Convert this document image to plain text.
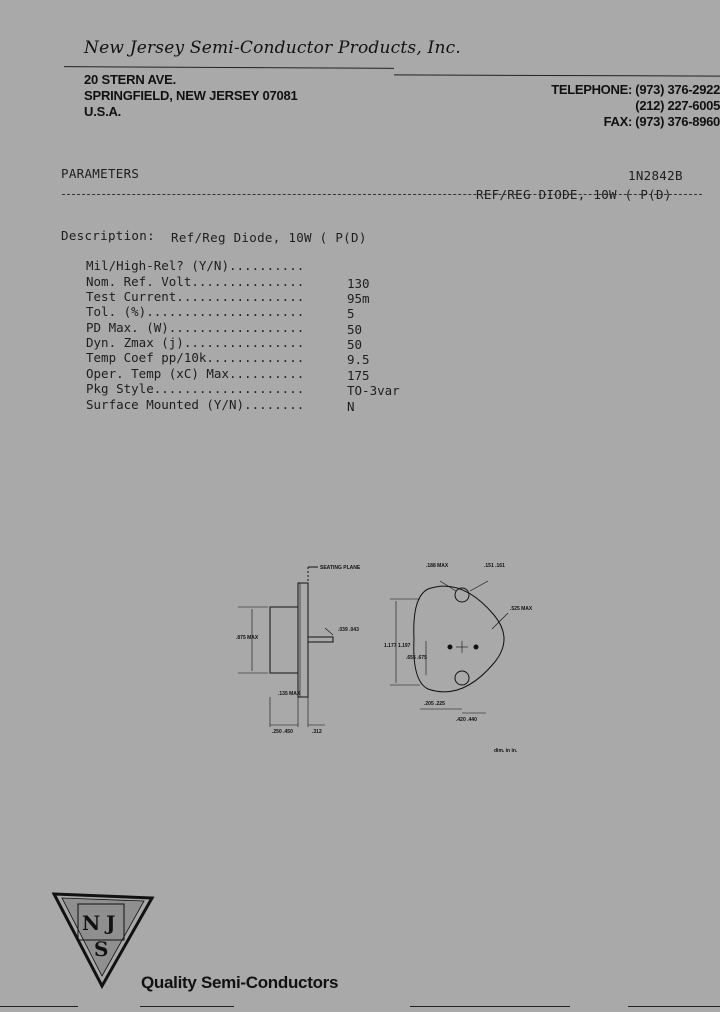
New Jersey Semi-Conductor Products, Inc.
20 STERN AVE.
SPRINGFIELD, NEW JERSEY 07081
U.S.A.
TELEPHONE: (973) 376-2922
(212) 227-6005
FAX: (973) 376-8960
PARAMETERS	1N2842B
REF/REG DIODE, 10W ( P(D)
Description: Ref/Reg Diode, 10W ( P(D)
Mil/High-Rel? (Y/N)..........
Nom. Ref. Volt...............	130
Test Current.................	95m
Tol. (%).....................	5
PD Max. (W)..................	50
Dyn. Zmax (j)................	50
Temp Coef pp/10k.............	9.5
Oper. Temp (xC) Max..........	175
Pkg Style....................	TO-3var
Surface Mounted (Y/N)........	N
SEATING PLANE
.875 MAX
.039 .043
.135 MAX
.250 .450	.312
.188 MAX	.151 .161
.525 MAX
.655 .675
1.177 1.197
.205 .225
.420 .440
dim. in in.
N J
S
Quality Semi-Conductors
